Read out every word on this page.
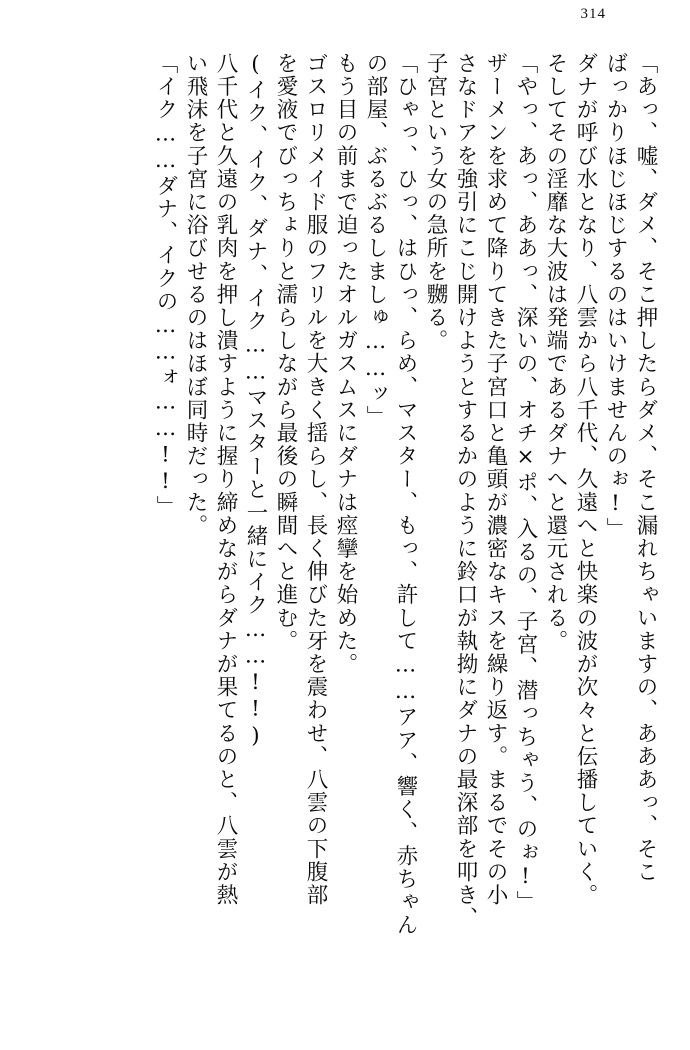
314
「あっ、嘘、ダメ、そこ押したらダメ、そこ漏れちゃいますの、あああっ、そこ
ばっかりほじほじするのはいけませんのぉ!」
ダナが呼び水となり、八雲から八千代、久遠へと快楽の波が次々と伝播していく。
そしてその淫靡な大波は発端であるダナへと還元される。
「やっ、あっ、ああっ、深いの、オチ×ポ、入るの、子宮、潜っちゃう、のぉ!」
ザーメンを求めて降りてきた子宮口と亀頭が濃密なキスを繰り返す。まるでその小
さなドアを強引にこじ開けようとするかのように鈴口が執拗にダナの最深部を叩き、
子宮という女の急所を嬲る。
「ひゃっ、ひっ、はひっ、らめ、マスター、もっ、許して……アア、響く、赤ちゃん
の部屋、ぶるぶるしましゅ……ッ」
もう目の前まで迫ったオルガスムスにダナは痙攣を始めた。
ゴスロリメイド服のフリルを大きく揺らし、長く伸びた牙を震わせ、八雲の下腹部
を愛液でびっちょりと濡らしながら最後の瞬間へと進む。
(イク、イク、ダナ、イク……マスターと一緒にイク……!!)
八千代と久遠の乳肉を押し潰すように握り締めながらダナが果てるのと、八雲が熱
い飛沫を子宮に浴びせるのはほぼ同時だった。
「イク……ダナ、イクの……ォ……!!」
